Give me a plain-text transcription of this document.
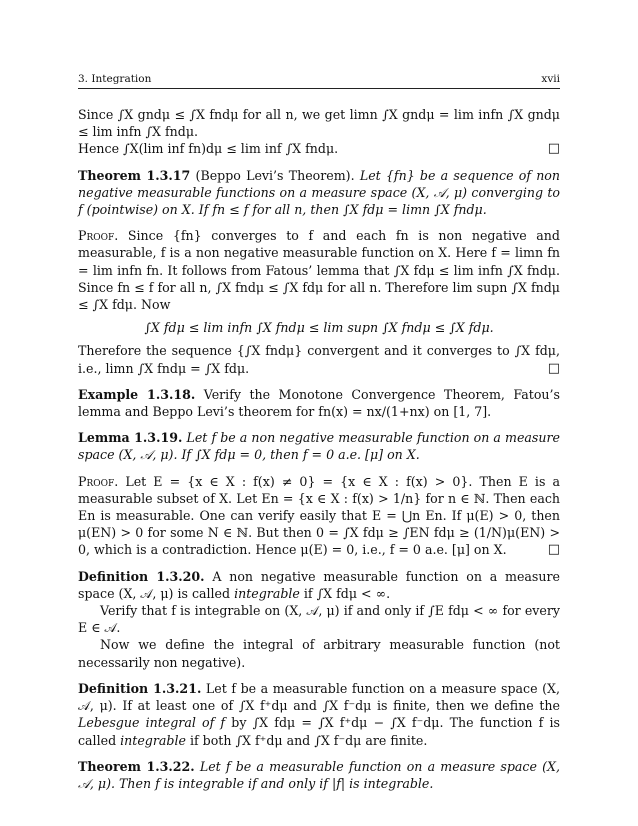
3. Integration	xvii

Since ∫X gndμ ≤ ∫X fndμ for all n, we get limn ∫X gndμ = lim infn ∫X gndμ ≤ lim infn ∫X fndμ.
Hence ∫X(lim inf fn)dμ ≤ lim inf ∫X fndμ.	□

Theorem 1.3.17 (Beppo Levi’s Theorem). Let {fn} be a sequence of non negative measurable functions on a measure space (X, 𝒜, μ) converging to f (pointwise) on X. If fn ≤ f for all n, then ∫X fdμ = limn ∫X fndμ.

Proof. Since {fn} converges to f and each fn is non negative and measurable, f is a non negative measurable function on X. Here f = limn fn = lim infn fn. It follows from Fatous’ lemma that ∫X fdμ ≤ lim infn ∫X fndμ. Since fn ≤ f for all n, ∫X fndμ ≤ ∫X fdμ for all n. Therefore lim supn ∫X fndμ ≤ ∫X fdμ. Now

∫X fdμ ≤ lim infn ∫X fndμ ≤ lim supn ∫X fndμ ≤ ∫X fdμ.

Therefore the sequence {∫X fndμ} convergent and it converges to ∫X fdμ, i.e., limn ∫X fndμ = ∫X fdμ.	□

Example 1.3.18. Verify the Monotone Convergence Theorem, Fatou’s lemma and Beppo Levi’s theorem for fn(x) = nx/(1+nx) on [1, 7].

Lemma 1.3.19. Let f be a non negative measurable function on a measure space (X, 𝒜, μ). If ∫X fdμ = 0, then f = 0 a.e. [μ] on X.

Proof. Let E = {x ∈ X : f(x) ≠ 0} = {x ∈ X : f(x) > 0}. Then E is a measurable subset of X. Let En = {x ∈ X : f(x) > 1/n} for n ∈ ℕ. Then each En is measurable. One can verify easily that E = ⋃n En. If μ(E) > 0, then μ(EN) > 0 for some N ∈ ℕ. But then 0 = ∫X fdμ ≥ ∫EN fdμ ≥ (1/N)μ(EN) > 0, which is a contradiction. Hence μ(E) = 0, i.e., f = 0 a.e. [μ] on X.	□

Definition 1.3.20. A non negative measurable function on a measure space (X, 𝒜, μ) is called integrable if ∫X fdμ < ∞.

Verify that f is integrable on (X, 𝒜, μ) if and only if ∫E fdμ < ∞ for every E ∈ 𝒜.

Now we define the integral of arbitrary measurable function (not necessarily non negative).

Definition 1.3.21. Let f be a measurable function on a measure space (X, 𝒜, μ). If at least one of ∫X f⁺dμ and ∫X f⁻dμ is finite, then we define the Lebesgue integral of f by ∫X fdμ = ∫X f⁺dμ − ∫X f⁻dμ. The function f is called integrable if both ∫X f⁺dμ and ∫X f⁻dμ are finite.

Theorem 1.3.22. Let f be a measurable function on a measure space (X, 𝒜, μ). Then f is integrable if and only if |f| is integrable.
